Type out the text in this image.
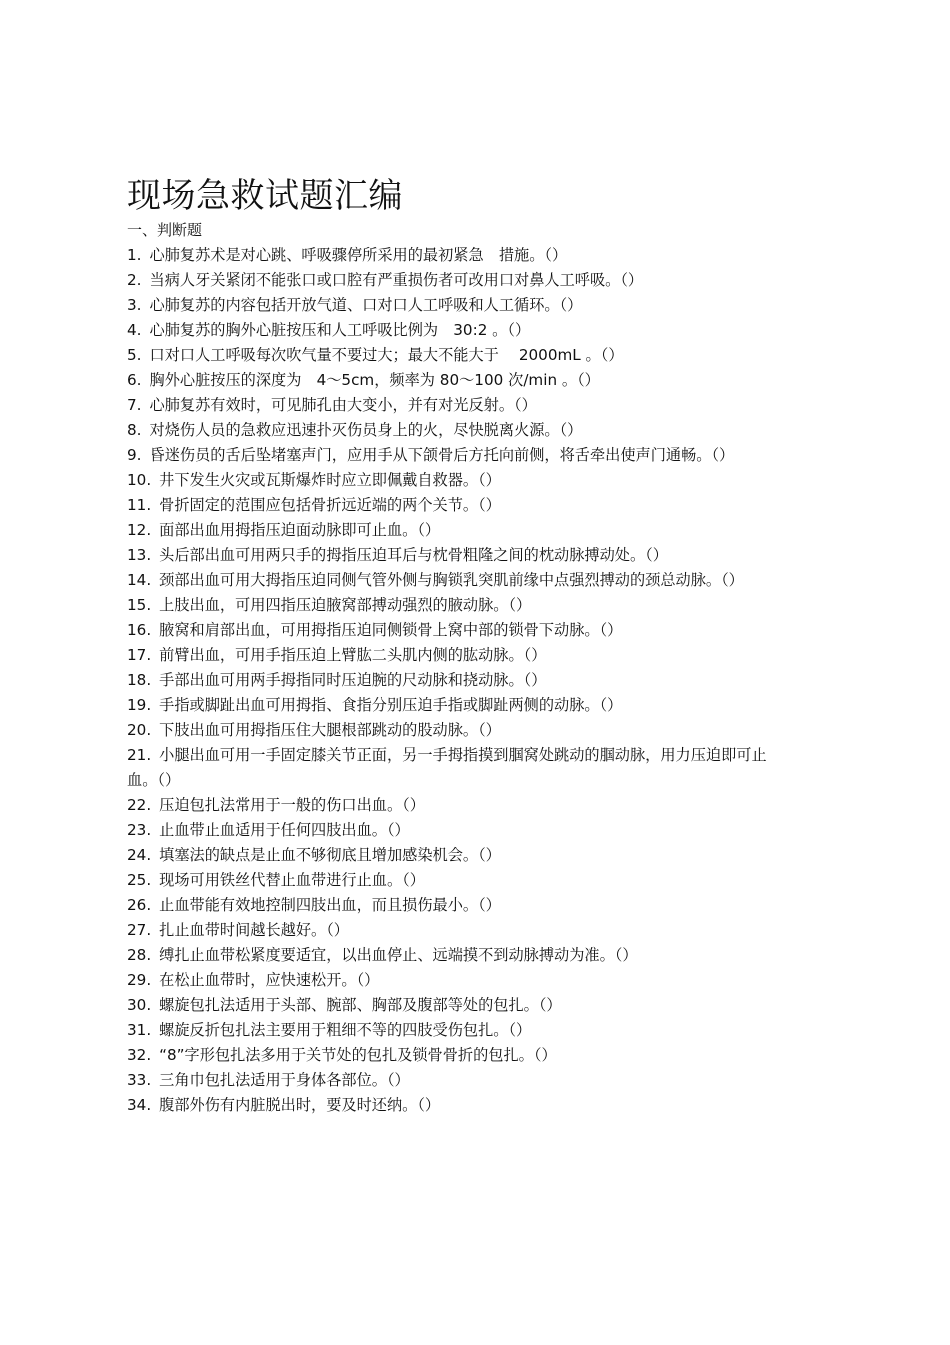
现场急救试题汇编
一、判断题
1. 心肺复苏术是对心跳、呼吸骤停所采用的最初紧急　措施。（）
2. 当病人牙关紧闭不能张口或口腔有严重损伤者可改用口对鼻人工呼吸。（）
3. 心肺复苏的内容包括开放气道、口对口人工呼吸和人工循环。（）
4. 心肺复苏的胸外心脏按压和人工呼吸比例为　30:2 。（）
5. 口对口人工呼吸每次吹气量不要过大；最大不能大于　 2000mL 。（）
6. 胸外心脏按压的深度为　4～5cm，频率为 80～100 次/min 。（）
7. 心肺复苏有效时，可见肺孔由大变小，并有对光反射。（）
8. 对烧伤人员的急救应迅速扑灭伤员身上的火，尽快脱离火源。（）
9. 昏迷伤员的舌后坠堵塞声门，应用手从下颌骨后方托向前侧，将舌牵出使声门通畅。（）
10. 井下发生火灾或瓦斯爆炸时应立即佩戴自救器。（）
11. 骨折固定的范围应包括骨折远近端的两个关节。（）
12. 面部出血用拇指压迫面动脉即可止血。（）
13. 头后部出血可用两只手的拇指压迫耳后与枕骨粗隆之间的枕动脉搏动处。（）
14. 颈部出血可用大拇指压迫同侧气管外侧与胸锁乳突肌前缘中点强烈搏动的颈总动脉。（）
15. 上肢出血，可用四指压迫腋窝部搏动强烈的腋动脉。（）
16. 腋窝和肩部出血，可用拇指压迫同侧锁骨上窝中部的锁骨下动脉。（）
17. 前臂出血，可用手指压迫上臂肱二头肌内侧的肱动脉。（）
18. 手部出血可用两手拇指同时压迫腕的尺动脉和挠动脉。（）
19. 手指或脚趾出血可用拇指、食指分别压迫手指或脚趾两侧的动脉。（）
20. 下肢出血可用拇指压住大腿根部跳动的股动脉。（）
21. 小腿出血可用一手固定膝关节正面，另一手拇指摸到腘窝处跳动的腘动脉，用力压迫即可止血。（）
22. 压迫包扎法常用于一般的伤口出血。（）
23. 止血带止血适用于任何四肢出血。（）
24. 填塞法的缺点是止血不够彻底且增加感染机会。（）
25. 现场可用铁丝代替止血带进行止血。（）
26. 止血带能有效地控制四肢出血，而且损伤最小。（）
27. 扎止血带时间越长越好。（）
28. 缚扎止血带松紧度要适宜，以出血停止、远端摸不到动脉搏动为准。（）
29. 在松止血带时，应快速松开。（）
30. 螺旋包扎法适用于头部、腕部、胸部及腹部等处的包扎。（）
31. 螺旋反折包扎法主要用于粗细不等的四肢受伤包扎。（）
32. “8”字形包扎法多用于关节处的包扎及锁骨骨折的包扎。（）
33. 三角巾包扎法适用于身体各部位。（）
34. 腹部外伤有内脏脱出时，要及时还纳。（）
